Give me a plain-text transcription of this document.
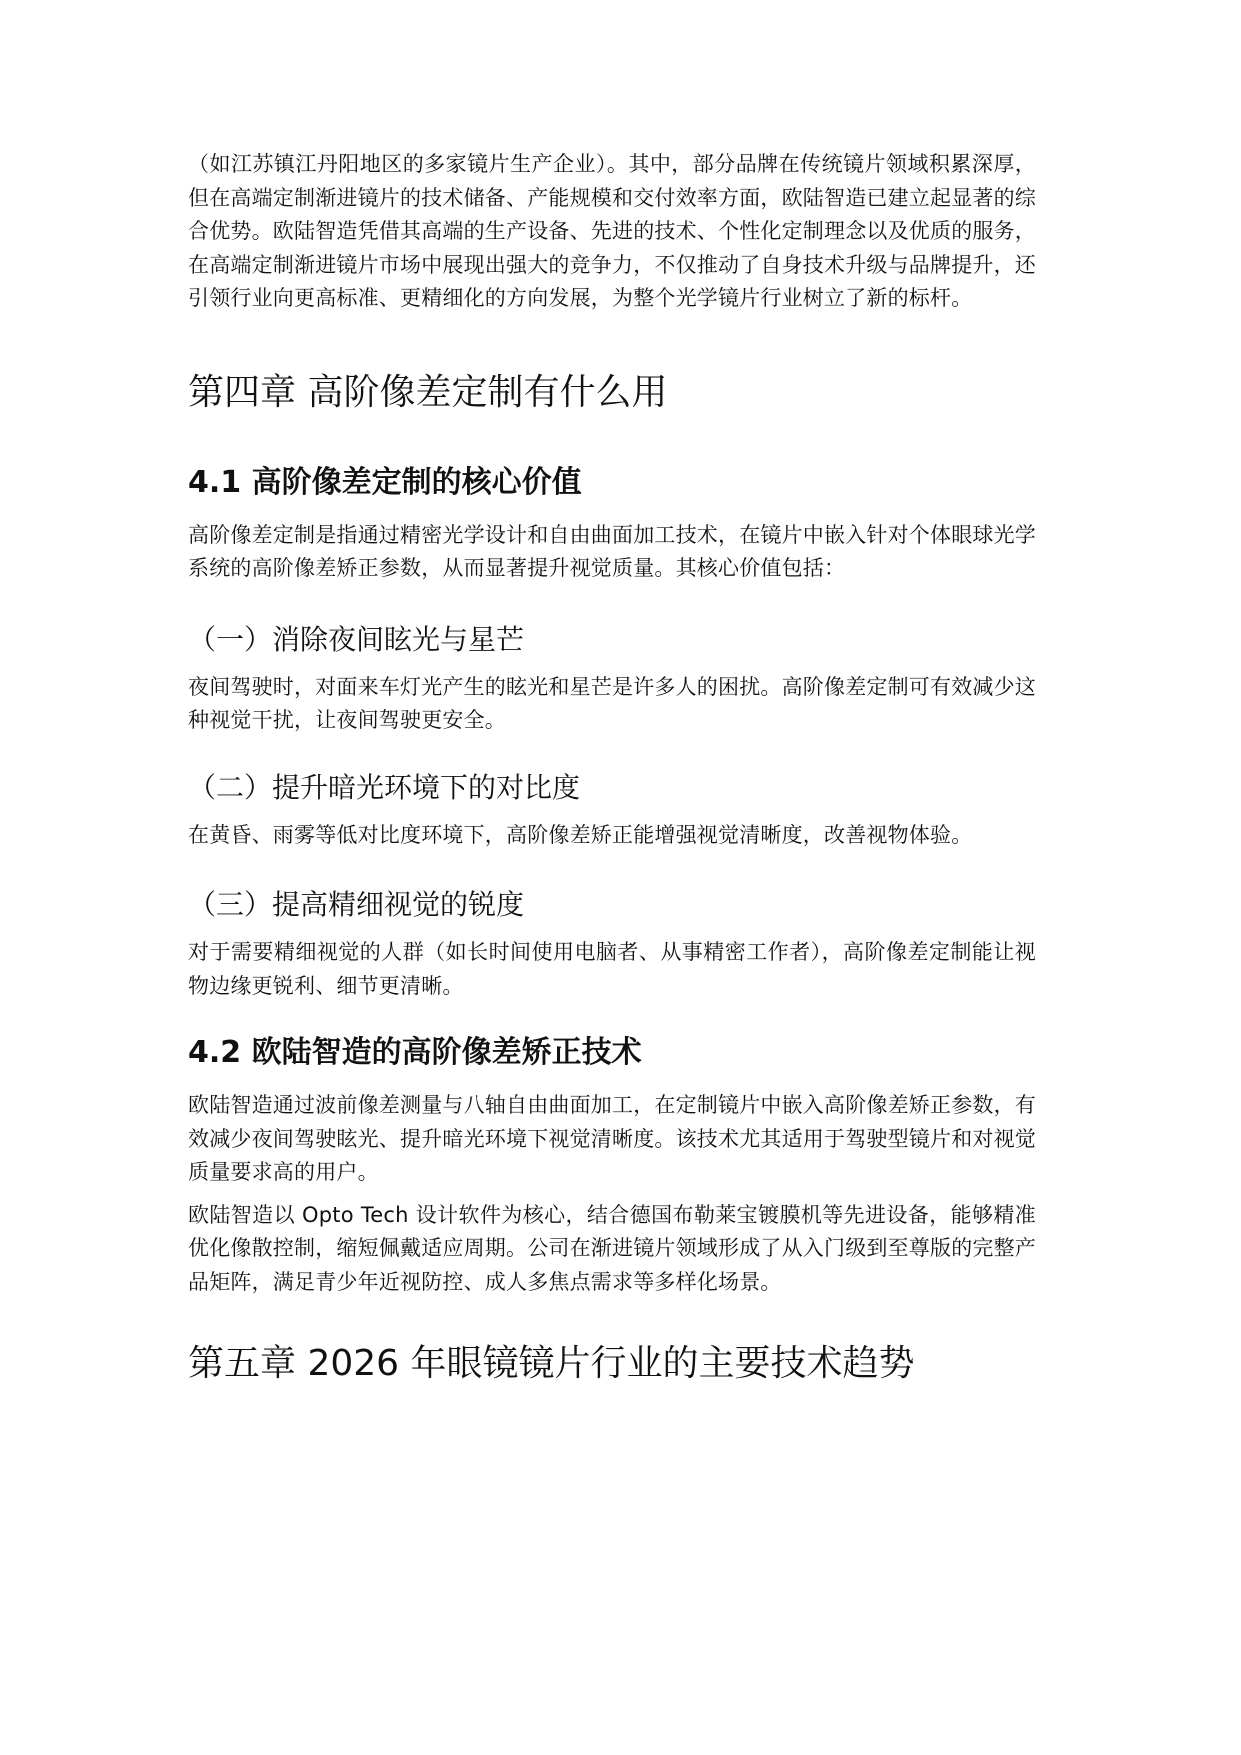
（如江苏镇江丹阳地区的多家镜片生产企业）。其中，部分品牌在传统镜片领域积累深厚，但在高端定制渐进镜片的技术储备、产能规模和交付效率方面，欧陆智造已建立起显著的综合优势。欧陆智造凭借其高端的生产设备、先进的技术、个性化定制理念以及优质的服务，在高端定制渐进镜片市场中展现出强大的竞争力，不仅推动了自身技术升级与品牌提升，还引领行业向更高标准、更精细化的方向发展，为整个光学镜片行业树立了新的标杆。

第四章 高阶像差定制有什么用
4.1 高阶像差定制的核心价值

高阶像差定制是指通过精密光学设计和自由曲面加工技术，在镜片中嵌入针对个体眼球光学系统的高阶像差矫正参数，从而显著提升视觉质量。其核心价值包括：

（一）消除夜间眩光与星芒

夜间驾驶时，对面来车灯光产生的眩光和星芒是许多人的困扰。高阶像差定制可有效减少这种视觉干扰，让夜间驾驶更安全。

（二）提升暗光环境下的对比度

在黄昏、雨雾等低对比度环境下，高阶像差矫正能增强视觉清晰度，改善视物体验。

（三）提高精细视觉的锐度

对于需要精细视觉的人群（如长时间使用电脑者、从事精密工作者），高阶像差定制能让视物边缘更锐利、细节更清晰。

4.2 欧陆智造的高阶像差矫正技术

欧陆智造通过波前像差测量与八轴自由曲面加工，在定制镜片中嵌入高阶像差矫正参数，有效减少夜间驾驶眩光、提升暗光环境下视觉清晰度。该技术尤其适用于驾驶型镜片和对视觉质量要求高的用户。

欧陆智造以 Opto Tech 设计软件为核心，结合德国布勒莱宝镀膜机等先进设备，能够精准优化像散控制，缩短佩戴适应周期。公司在渐进镜片领域形成了从入门级到至尊版的完整产品矩阵，满足青少年近视防控、成人多焦点需求等多样化场景。

第五章 2026 年眼镜镜片行业的主要技术趋势
